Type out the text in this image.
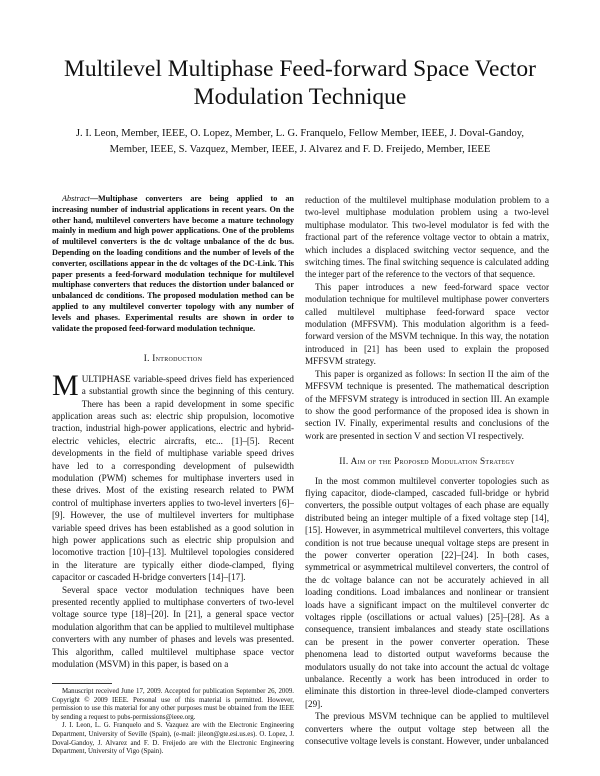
Multilevel Multiphase Feed-forward Space Vector
Modulation Technique
J. I. Leon, Member, IEEE, O. Lopez, Member, L. G. Franquelo, Fellow Member, IEEE, J. Doval-Gandoy,
Member, IEEE, S. Vazquez, Member, IEEE, J. Alvarez and F. D. Freijedo, Member, IEEE

Abstract—Multiphase converters are being applied to an increasing number of industrial applications in recent years. On the other hand, multilevel converters have become a mature technology mainly in medium and high power applications. One of the problems of multilevel converters is the dc voltage unbalance of the dc bus. Depending on the loading conditions and the number of levels of the converter, oscillations appear in the dc voltages of the DC-Link. This paper presents a feed-forward modulation technique for multilevel multiphase converters that reduces the distortion under balanced or unbalanced dc conditions. The proposed modulation method can be applied to any multilevel converter topology with any number of levels and phases. Experimental results are shown in order to validate the proposed feed-forward modulation technique.

I. Introduction

MULTIPHASE variable-speed drives field has experienced a substantial growth since the beginning of this century. There has been a rapid development in some specific application areas such as: electric ship propulsion, locomotive traction, industrial high-power applications, electric and hybrid-electric vehicles, electric aircrafts, etc... [1]–[5]. Recent developments in the field of multiphase variable speed drives have led to a corresponding development of pulsewidth modulation (PWM) schemes for multiphase inverters used in these drives. Most of the existing research related to PWM control of multiphase inverters applies to two-level inverters [6]–[9]. However, the use of multilevel inverters for multiphase variable speed drives has been established as a good solution in high power applications such as electric ship propulsion and locomotive traction [10]–[13]. Multilevel topologies considered in the literature are typically either diode-clamped, flying capacitor or cascaded H-bridge converters [14]–[17].

Several space vector modulation techniques have been presented recently applied to multiphase converters of two-level voltage source type [18]–[20]. In [21], a general space vector modulation algorithm that can be applied to multilevel multiphase converters with any number of phases and levels was presented. This algorithm, called multilevel multiphase space vector modulation (MSVM) in this paper, is based on a

Manuscript received June 17, 2009. Accepted for publication September 26, 2009. Copyright © 2009 IEEE. Personal use of this material is permitted. However, permission to use this material for any other purposes must be obtained from the IEEE by sending a request to pubs-permissions@ieee.org.

J. I. Leon, L. G. Franquelo and S. Vazquez are with the Electronic Engineering Department, University of Seville (Spain), (e-mail: jileon@gte.esi.us.es). O. Lopez, J. Doval-Gandoy, J. Alvarez and F. D. Freijedo are with the Electronic Engineering Department, University of Vigo (Spain).

reduction of the multilevel multiphase modulation problem to a two-level multiphase modulation problem using a two-level multiphase modulator. This two-level modulator is fed with the fractional part of the reference voltage vector to obtain a matrix, which includes a displaced switching vector sequence, and the switching times. The final switching sequence is calculated adding the integer part of the reference to the vectors of that sequence.

This paper introduces a new feed-forward space vector modulation technique for multilevel multiphase power converters called multilevel multiphase feed-forward space vector modulation (MFFSVM). This modulation algorithm is a feed-forward version of the MSVM technique. In this way, the notation introduced in [21] has been used to explain the proposed MFFSVM strategy.

This paper is organized as follows: In section II the aim of the MFFSVM technique is presented. The mathematical description of the MFFSVM strategy is introduced in section III. An example to show the good performance of the proposed idea is shown in section IV. Finally, experimental results and conclusions of the work are presented in section V and section VI respectively.

II. Aim of the Proposed Modulation Strategy

In the most common multilevel converter topologies such as flying capacitor, diode-clamped, cascaded full-bridge or hybrid converters, the possible output voltages of each phase are equally distributed being an integer multiple of a fixed voltage step [14], [15]. However, in asymmetrical multilevel converters, this voltage condition is not true because unequal voltage steps are present in the power converter operation [22]–[24]. In both cases, symmetrical or asymmetrical multilevel converters, the control of the dc voltage balance can not be accurately achieved in all loading conditions. Load imbalances and nonlinear or transient loads have a significant impact on the multilevel converter dc voltages ripple (oscillations or actual values) [25]–[28]. As a consequence, transient imbalances and steady state oscillations can be present in the power converter operation. These phenomena lead to distorted output waveforms because the modulators usually do not take into account the actual dc voltage unbalance. Recently a work has been introduced in order to eliminate this distortion in three-level diode-clamped converters [29].

The previous MSVM technique can be applied to multilevel converters where the output voltage step between all the consecutive voltage levels is constant. However, under unbalanced
